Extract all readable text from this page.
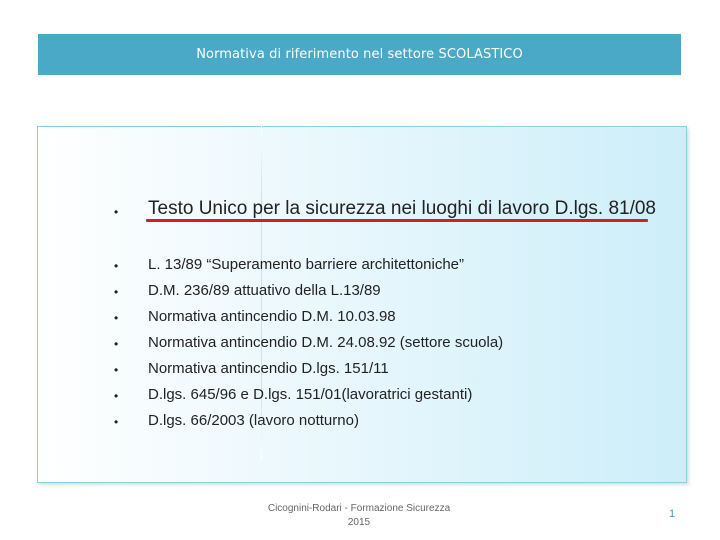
Normativa di riferimento nel settore SCOLASTICO
• Testo Unico per la sicurezza nei luoghi di lavoro D.lgs. 81/08
• L. 13/89 “Superamento barriere architettoniche”
• D.M. 236/89 attuativo della L.13/89
• Normativa antincendio D.M. 10.03.98
• Normativa antincendio D.M. 24.08.92 (settore scuola)
• Normativa antincendio D.lgs. 151/11
• D.lgs. 645/96 e D.lgs. 151/01(lavoratrici gestanti)
• D.lgs. 66/2003 (lavoro notturno)
Cicognini-Rodari - Formazione Sicurezza
2015
1
